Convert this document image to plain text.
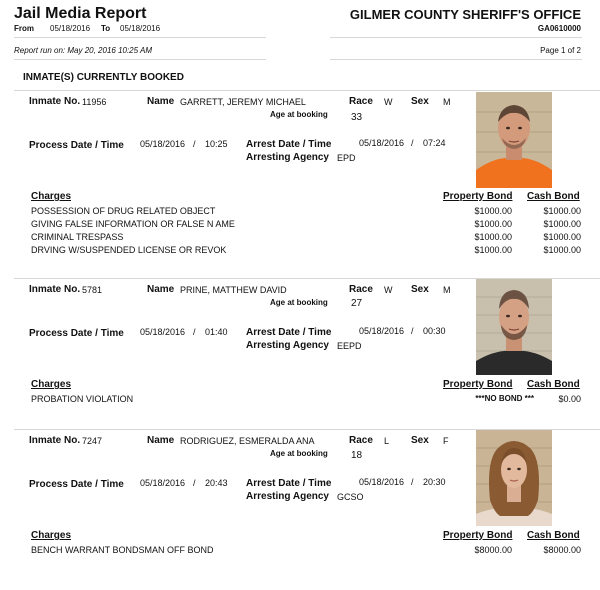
Jail Media Report
From 05/18/2016 To 05/18/2016
GILMER COUNTY SHERIFF'S OFFICE
GA0610000
Report run on: May 20, 2016 10:25 AM	Page 1 of 2
INMATE(S) CURRENTLY BOOKED
Inmate No. 11956	Name GARRETT, JEREMY MICHAEL	Race W Sex M
Age at booking 33
Process Date / Time 05/18/2016 / 10:25 Arrest Date / Time	05/18/2016 / 07:24
Arresting Agency EPD
Charges	Property Bond Cash Bond
POSSESSION OF DRUG RELATED OBJECT	$1000.00	$1000.00
GIVING FALSE INFORMATION OR FALSE N AME	$1000.00	$1000.00
CRIMINAL TRESPASS	$1000.00	$1000.00
DRVING W/SUSPENDED LICENSE OR REVOK	$1000.00	$1000.00
Inmate No. 5781	Name PRINE, MATTHEW DAVID	Race W Sex M
Age at booking 27
Process Date / Time 05/18/2016 / 01:40 Arrest Date / Time	05/18/2016 / 00:30
Arresting Agency EEPD
Charges	Property Bond Cash Bond
PROBATION VIOLATION	***NO BOND ***	$0.00
Inmate No. 7247	Name RODRIGUEZ, ESMERALDA ANA	Race L Sex F
Age at booking 18
Process Date / Time 05/18/2016 / 20:43 Arrest Date / Time	05/18/2016 / 20:30
Arresting Agency GCSO
Charges	Property Bond Cash Bond
BENCH WARRANT BONDSMAN OFF BOND	$8000.00	$8000.00
